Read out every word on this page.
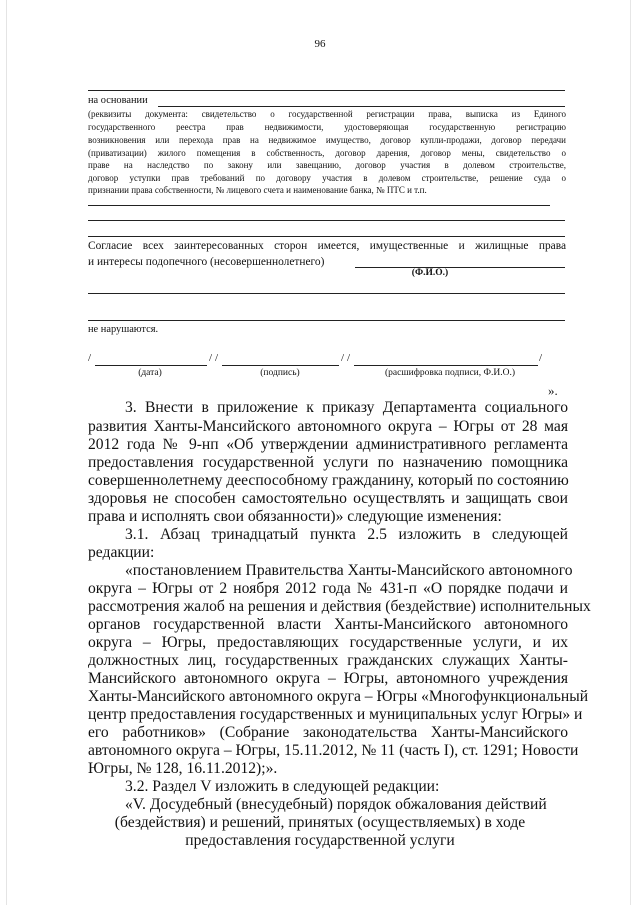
96
на основании
(реквизиты документа: свидетельство о государственной регистрации права, выписка из Единого
государственного реестра прав недвижимости, удостоверяющая государственную регистрацию
возникновения или перехода прав на недвижимое имущество, договор купли-продажи, договор передачи
(приватизации) жилого помещения в собственность, договор дарения, договор мены, свидетельство о
праве на наследство по закону или завещанию, договор участия в долевом строительстве,
договор уступки прав требований по договору участия в долевом строительстве, решение суда о
признании права собственности, № лицевого счета и наименование банка, № ПТС и т.п.
Согласие всех заинтересованных сторон имеется, имущественные и жилищные права
и интересы подопечного (несовершеннолетнего)
(Ф.И.О.)
не нарушаются.
/	/ /	/ /	/
(дата)	(подпись)	(расшифровка подписи, Ф.И.О.)
».
3. Внести в приложение к приказу Департамента социального
развития Ханты-Мансийского автономного округа – Югры от 28 мая
2012 года № 9-нп «Об утверждении административного регламента
предоставления государственной услуги по назначению помощника
совершеннолетнему дееспособному гражданину, который по состоянию
здоровья не способен самостоятельно осуществлять и защищать свои
права и исполнять свои обязанности)» следующие изменения:
3.1. Абзац тринадцатый пункта 2.5 изложить в следующей
редакции:
«постановлением Правительства Ханты-Мансийского автономного
округа – Югры от 2 ноября 2012 года № 431-п «О порядке подачи и
рассмотрения жалоб на решения и действия (бездействие) исполнительных
органов государственной власти Ханты-Мансийского автономного
округа – Югры, предоставляющих государственные услуги, и их
должностных лиц, государственных гражданских служащих Ханты-
Мансийского автономного округа – Югры, автономного учреждения
Ханты-Мансийского автономного округа – Югры «Многофункциональный
центр предоставления государственных и муниципальных услуг Югры» и
его работников» (Собрание законодательства Ханты-Мансийского
автономного округа – Югры, 15.11.2012, № 11 (часть I), ст. 1291; Новости
Югры, № 128, 16.11.2012);».
3.2. Раздел V изложить в следующей редакции:
«V. Досудебный (внесудебный) порядок обжалования действий
(бездействия) и решений, принятых (осуществляемых) в ходе
предоставления государственной услуги
